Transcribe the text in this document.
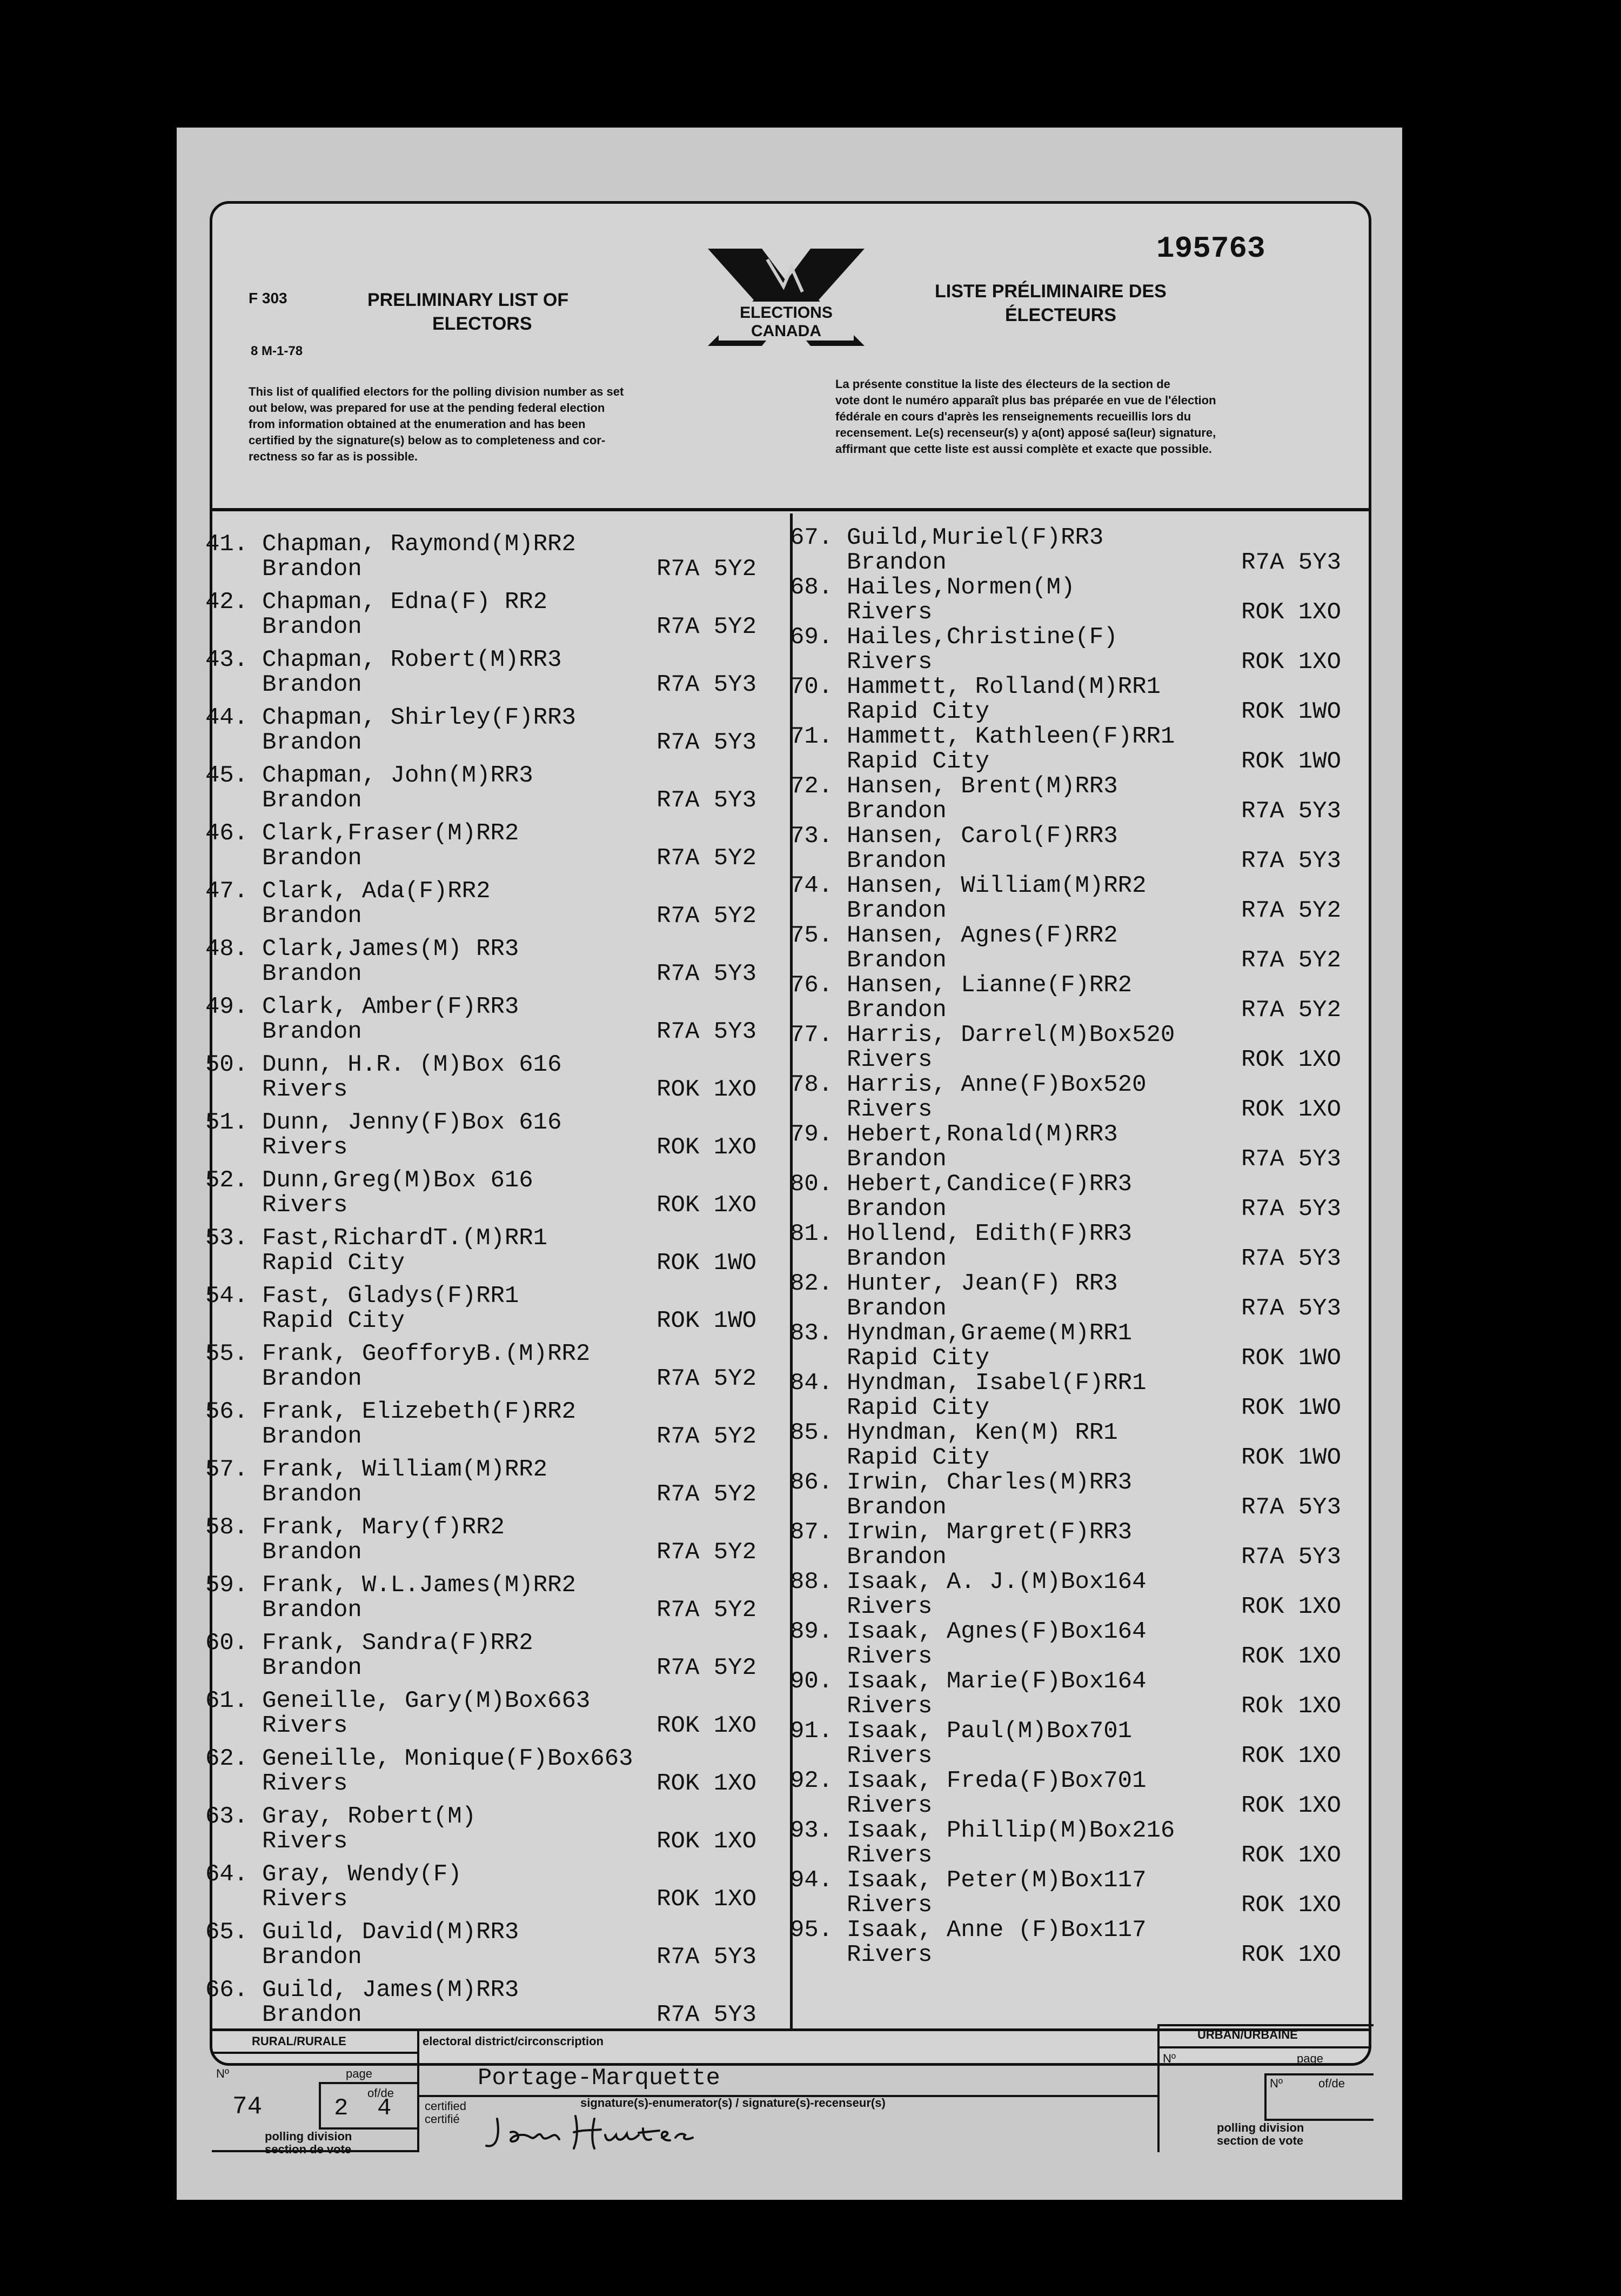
195763
F 303
8 M-1-78
PRELIMINARY LIST OF
ELECTORS
LISTE PRÉLIMINAIRE DES
ÉLECTEURS
ELECTIONS
CANADA
This list of qualified electors for the polling division number as set
out below, was prepared for use at the pending federal election
from information obtained at the enumeration and has been
certified by the signature(s) below as to completeness and cor-
rectness so far as is possible.
La présente constitue la liste des électeurs de la section de
vote dont le numéro apparaît plus bas préparée en vue de l'élection
fédérale en cours d'après les renseignements recueillis lors du
recensement. Le(s) recenseur(s) y a(ont) apposé sa(leur) signature,
affirmant que cette liste est aussi complète et exacte que possible.
41. Chapman, Raymond(M)RR2
Brandon	R7A 5Y2
42. Chapman, Edna(F) RR2
Brandon	R7A 5Y2
43. Chapman, Robert(M)RR3
Brandon	R7A 5Y3
44. Chapman, Shirley(F)RR3
Brandon	R7A 5Y3
45. Chapman, John(M)RR3
Brandon	R7A 5Y3
46. Clark,Fraser(M)RR2
Brandon	R7A 5Y2
47. Clark, Ada(F)RR2
Brandon	R7A 5Y2
48. Clark,James(M) RR3
Brandon	R7A 5Y3
49. Clark, Amber(F)RR3
Brandon	R7A 5Y3
50. Dunn, H.R. (M)Box 616
Rivers	ROK 1XO
51. Dunn, Jenny(F)Box 616
Rivers	ROK 1XO
52. Dunn,Greg(M)Box 616
Rivers	ROK 1XO
53. Fast,RichardT.(M)RR1
Rapid City	ROK 1WO
54. Fast, Gladys(F)RR1
Rapid City	ROK 1WO
55. Frank, GeofforyB.(M)RR2
Brandon	R7A 5Y2
56. Frank, Elizebeth(F)RR2
Brandon	R7A 5Y2
57. Frank, William(M)RR2
Brandon	R7A 5Y2
58. Frank, Mary(f)RR2
Brandon	R7A 5Y2
59. Frank, W.L.James(M)RR2
Brandon	R7A 5Y2
60. Frank, Sandra(F)RR2
Brandon	R7A 5Y2
61. Geneille, Gary(M)Box663
Rivers	ROK 1XO
62. Geneille, Monique(F)Box663
Rivers	ROK 1XO
63. Gray, Robert(M)
Rivers	ROK 1XO
64. Gray, Wendy(F)
Rivers	ROK 1XO
65. Guild, David(M)RR3
Brandon	R7A 5Y3
66. Guild, James(M)RR3
Brandon	R7A 5Y3
67. Guild,Muriel(F)RR3
Brandon	R7A 5Y3
68. Hailes,Normen(M)
Rivers	ROK 1XO
69. Hailes,Christine(F)
Rivers	ROK 1XO
70. Hammett, Rolland(M)RR1
Rapid City	ROK 1WO
71. Hammett, Kathleen(F)RR1
Rapid City	ROK 1WO
72. Hansen, Brent(M)RR3
Brandon	R7A 5Y3
73. Hansen, Carol(F)RR3
Brandon	R7A 5Y3
74. Hansen, William(M)RR2
Brandon	R7A 5Y2
75. Hansen, Agnes(F)RR2
Brandon	R7A 5Y2
76. Hansen, Lianne(F)RR2
Brandon	R7A 5Y2
77. Harris, Darrel(M)Box520
Rivers	ROK 1XO
78. Harris, Anne(F)Box520
Rivers	ROK 1XO
79. Hebert,Ronald(M)RR3
Brandon	R7A 5Y3
80. Hebert,Candice(F)RR3
Brandon	R7A 5Y3
81. Hollend, Edith(F)RR3
Brandon	R7A 5Y3
82. Hunter, Jean(F) RR3
Brandon	R7A 5Y3
83. Hyndman,Graeme(M)RR1
Rapid City	ROK 1WO
84. Hyndman, Isabel(F)RR1
Rapid City	ROK 1WO
85. Hyndman, Ken(M) RR1
Rapid City	ROK 1WO
86. Irwin, Charles(M)RR3
Brandon	R7A 5Y3
87. Irwin, Margret(F)RR3
Brandon	R7A 5Y3
88. Isaak, A. J.(M)Box164
Rivers	ROK 1XO
89. Isaak, Agnes(F)Box164
Rivers	ROK 1XO
90. Isaak, Marie(F)Box164
Rivers	ROk 1XO
91. Isaak, Paul(M)Box701
Rivers	ROK 1XO
92. Isaak, Freda(F)Box701
Rivers	ROK 1XO
93. Isaak, Phillip(M)Box216
Rivers	ROK 1XO
94. Isaak, Peter(M)Box117
Rivers	ROK 1XO
95. Isaak, Anne (F)Box117
Rivers	ROK 1XO
RURAL/RURALE
Nº	page
of/de
74	2 4
polling division
section de vote
electoral district/circonscription
Portage-Marquette
certified
certifié
signature(s)-enumerator(s) / signature(s)-recenseur(s)
URBAN/URBAINE
Nº	page
Nº	of/de
polling division
section de vote
